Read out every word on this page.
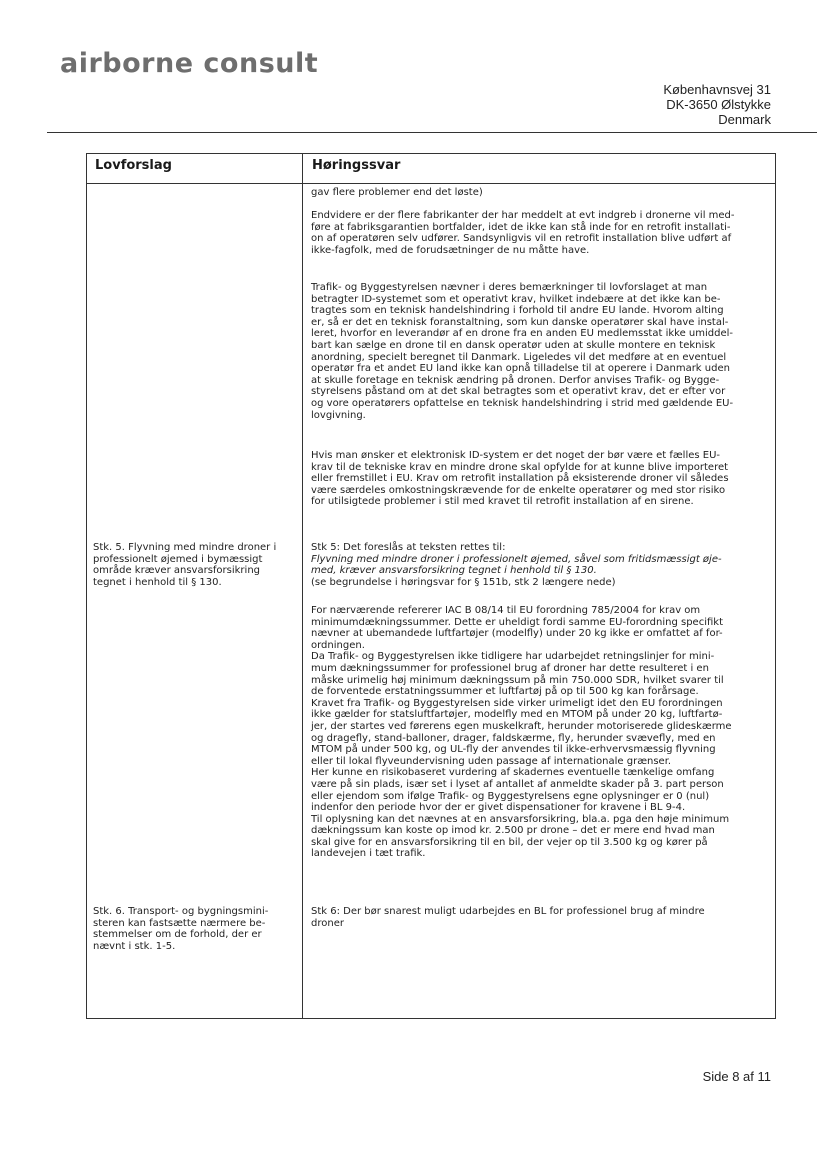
airborne consult
Københavnsvej 31
DK-3650 Ølstykke
Denmark
Lovforslag	Høringssvar

gav flere problemer end det løste)

Endvidere er der flere fabrikanter der har meddelt at evt indgreb i dronerne vil med-

føre at fabriksgarantien bortfalder, idet de ikke kan stå inde for en retrofit installati-

on af operatøren selv udfører. Sandsynligvis vil en retrofit installation blive udført af

ikke-fagfolk, med de forudsætninger de nu måtte have.

Trafik- og Byggestyrelsen nævner i deres bemærkninger til lovforslaget at man

betragter ID-systemet som et operativt krav, hvilket indebære at det ikke kan be-

tragtes som en teknisk handelshindring i forhold til andre EU lande. Hvorom alting

er, så er det en teknisk foranstaltning, som kun danske operatører skal have instal-

leret, hvorfor en leverandør af en drone fra en anden EU medlemsstat ikke umiddel-

bart kan sælge en drone til en dansk operatør uden at skulle montere en teknisk

anordning, specielt beregnet til Danmark. Ligeledes vil det medføre at en eventuel

operatør fra et andet EU land ikke kan opnå tilladelse til at operere i Danmark uden

at skulle foretage en teknisk ændring på dronen. Derfor anvises Trafik- og Bygge-

styrelsens påstand om at det skal betragtes som et operativt krav, det er efter vor

og vore operatørers opfattelse en teknisk handelshindring i strid med gældende EU-

lovgivning.

Hvis man ønsker et elektronisk ID-system er det noget der bør være et fælles EU-

krav til de tekniske krav en mindre drone skal opfylde for at kunne blive importeret

eller fremstillet i EU. Krav om retrofit installation på eksisterende droner vil således

være særdeles omkostningskrævende for de enkelte operatører og med stor risiko

for utilsigtede problemer i stil med kravet til retrofit installation af en sirene.

Stk. 5. Flyvning med mindre droner i

professionelt øjemed i bymæssigt

område kræver ansvarsforsikring

tegnet i henhold til § 130.

Stk 5: Det foreslås at teksten rettes til:

Flyvning med mindre droner i professionelt øjemed, såvel som fritidsmæssigt øje-

med, kræver ansvarsforsikring tegnet i henhold til § 130.

(se begrundelse i høringsvar for § 151b, stk 2 længere nede)

For nærværende refererer IAC B 08/14 til EU forordning 785/2004 for krav om

minimumdækningssummer. Dette er uheldigt fordi samme EU-forordning specifikt

nævner at ubemandede luftfartøjer (modelfly) under 20 kg ikke er omfattet af for-

ordningen.

Da Trafik- og Byggestyrelsen ikke tidligere har udarbejdet retningslinjer for mini-

mum dækningssummer for professionel brug af droner har dette resulteret i en

måske urimelig høj minimum dækningssum på min 750.000 SDR, hvilket svarer til

de forventede erstatningssummer et luftfartøj på op til 500 kg kan forårsage.

Kravet fra Trafik- og Byggestyrelsen side virker urimeligt idet den EU forordningen

ikke gælder for statsluftfartøjer, modelfly med en MTOM på under 20 kg, luftfartø-

jer, der startes ved førerens egen muskelkraft, herunder motoriserede glideskærme

og dragefly, stand-balloner, drager, faldskærme, fly, herunder svævefly, med en

MTOM på under 500 kg, og UL-fly der anvendes til ikke-erhvervsmæssig flyvning

eller til lokal flyveundervisning uden passage af internationale grænser.

Her kunne en risikobaseret vurdering af skadernes eventuelle tænkelige omfang

være på sin plads, især set i lyset af antallet af anmeldte skader på 3. part person

eller ejendom som ifølge Trafik- og Byggestyrelsens egne oplysninger er 0 (nul)

indenfor den periode hvor der er givet dispensationer for kravene i BL 9-4.

Til oplysning kan det nævnes at en ansvarsforsikring, bla.a. pga den høje minimum

dækningssum kan koste op imod kr. 2.500 pr drone – det er mere end hvad man

skal give for en ansvarsforsikring til en bil, der vejer op til 3.500 kg og kører på

landevejen i tæt trafik.

Stk. 6. Transport- og bygningsmini-

steren kan fastsætte nærmere be-

stemmelser om de forhold, der er

nævnt i stk. 1-5.

Stk 6: Der bør snarest muligt udarbejdes en BL for professionel brug af mindre

droner

Side 8 af 11
